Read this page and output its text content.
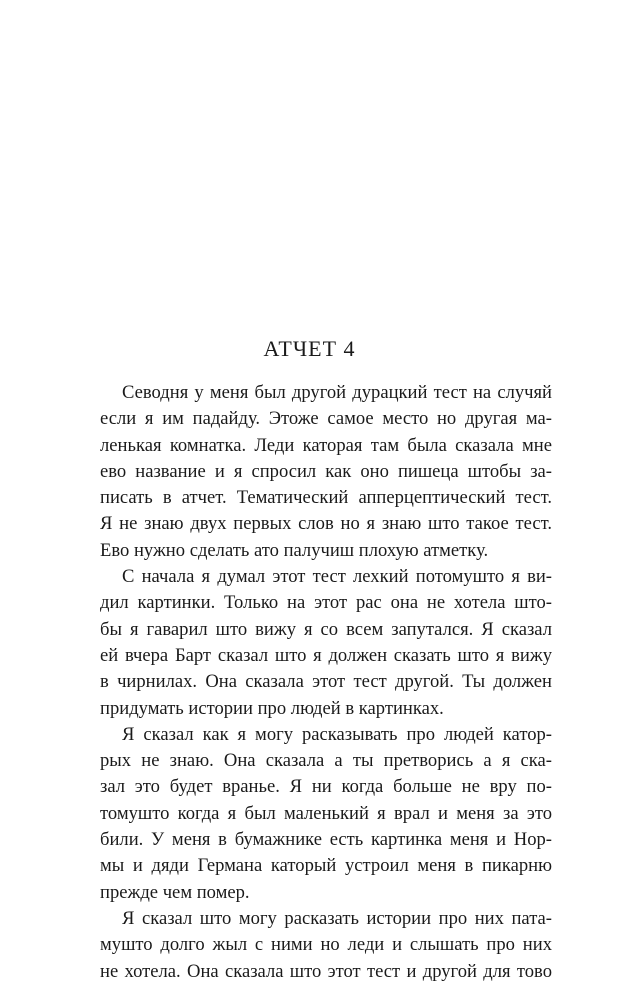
АТЧЕТ 4

Севодня у меня был другой дурацкий тест на случяй
если я им падайду. Этоже самое место но другая ма-
ленькая комнатка. Леди каторая там была сказала мне
ево название и я спросил как оно пишеца штобы за-
писать в атчет. Тематический апперцептический тест.
Я не знаю двух первых слов но я знаю што такое тест.
Ево нужно сделать ато палучиш плохую атметку.

С начала я думал этот тест лехкий потомушто я ви-
дил картинки. Только на этот рас она не хотела што-
бы я гаварил што вижу я со всем запутался. Я сказал
ей вчера Барт сказал што я должен сказать што я вижу
в чирнилах. Она сказала этот тест другой. Ты должен
придумать истории про людей в картинках.

Я сказал как я могу расказывать про людей катор-
рых не знаю. Она сказала а ты претворись а я ска-
зал это будет вранье. Я ни когда больше не вру по-
томушто когда я был маленький я врал и меня за это
били. У меня в бумажнике есть картинка меня и Нор-
мы и дяди Германа каторый устроил меня в пикарню
прежде чем помер.

Я сказал што могу расказать истории про них пата-
мушто долго жыл с ними но леди и слышать про них
не хотела. Она сказала што этот тест и другой для тово
